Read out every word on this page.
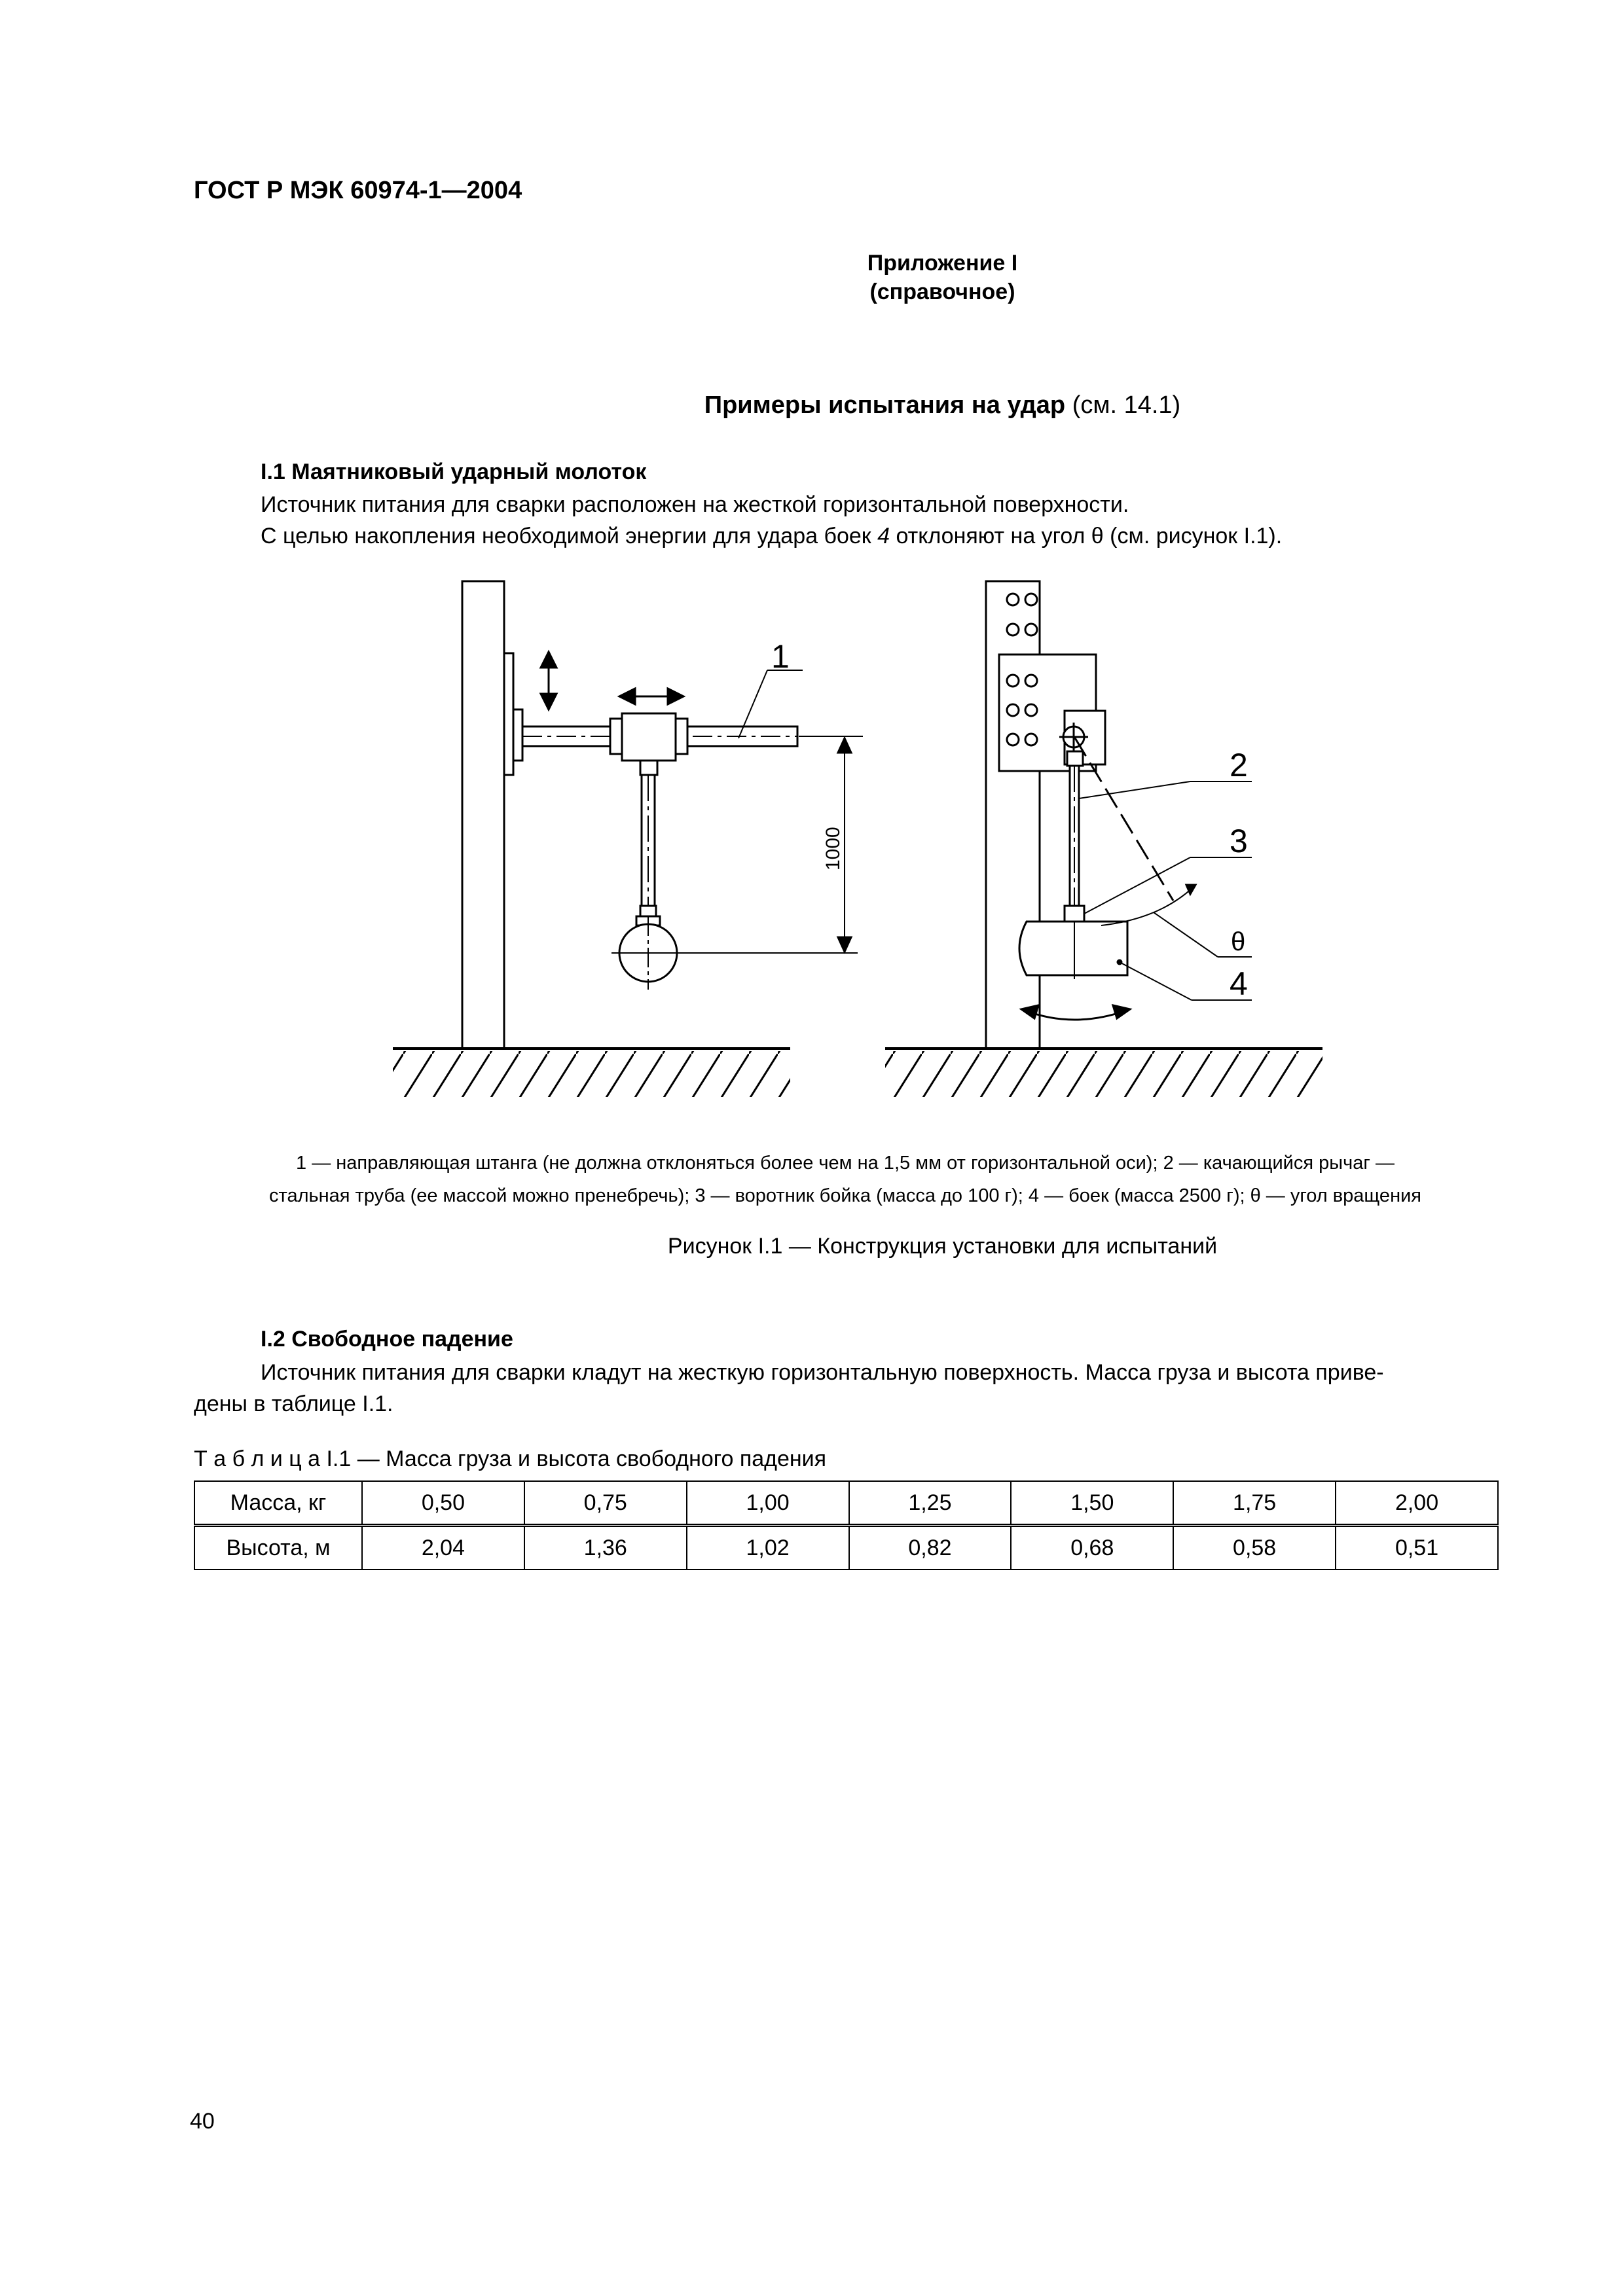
ГОСТ Р МЭК 60974-1—2004
Приложение I
(справочное)
Примеры испытания на удар (см. 14.1)
I.1 Маятниковый ударный молоток
Источник питания для сварки расположен на жесткой горизонтальной поверхности.
С целью накопления необходимой энергии для удара боек 4 отклоняют на угол θ (см. рисунок I.1).
1
2
3
θ
4
1000
1 — направляющая штанга (не должна отклоняться более чем на 1,5 мм от горизонтальной оси); 2 — качающийся рычаг —
стальная труба (ее массой можно пренебречь); 3 — воротник бойка (масса до 100 г); 4 — боек (масса 2500 г); θ — угол вращения
Рисунок I.1 — Конструкция установки для испытаний
I.2 Свободное падение
Источник питания для сварки кладут на жесткую горизонтальную поверхность. Масса груза и высота приве-
дены в таблице I.1.
Т а б л и ц а I.1 — Масса груза и высота свободного падения
Масса, кг	0,50	0,75	1,00	1,25	1,50	1,75	2,00
Высота, м	2,04	1,36	1,02	0,82	0,68	0,58	0,51
40
